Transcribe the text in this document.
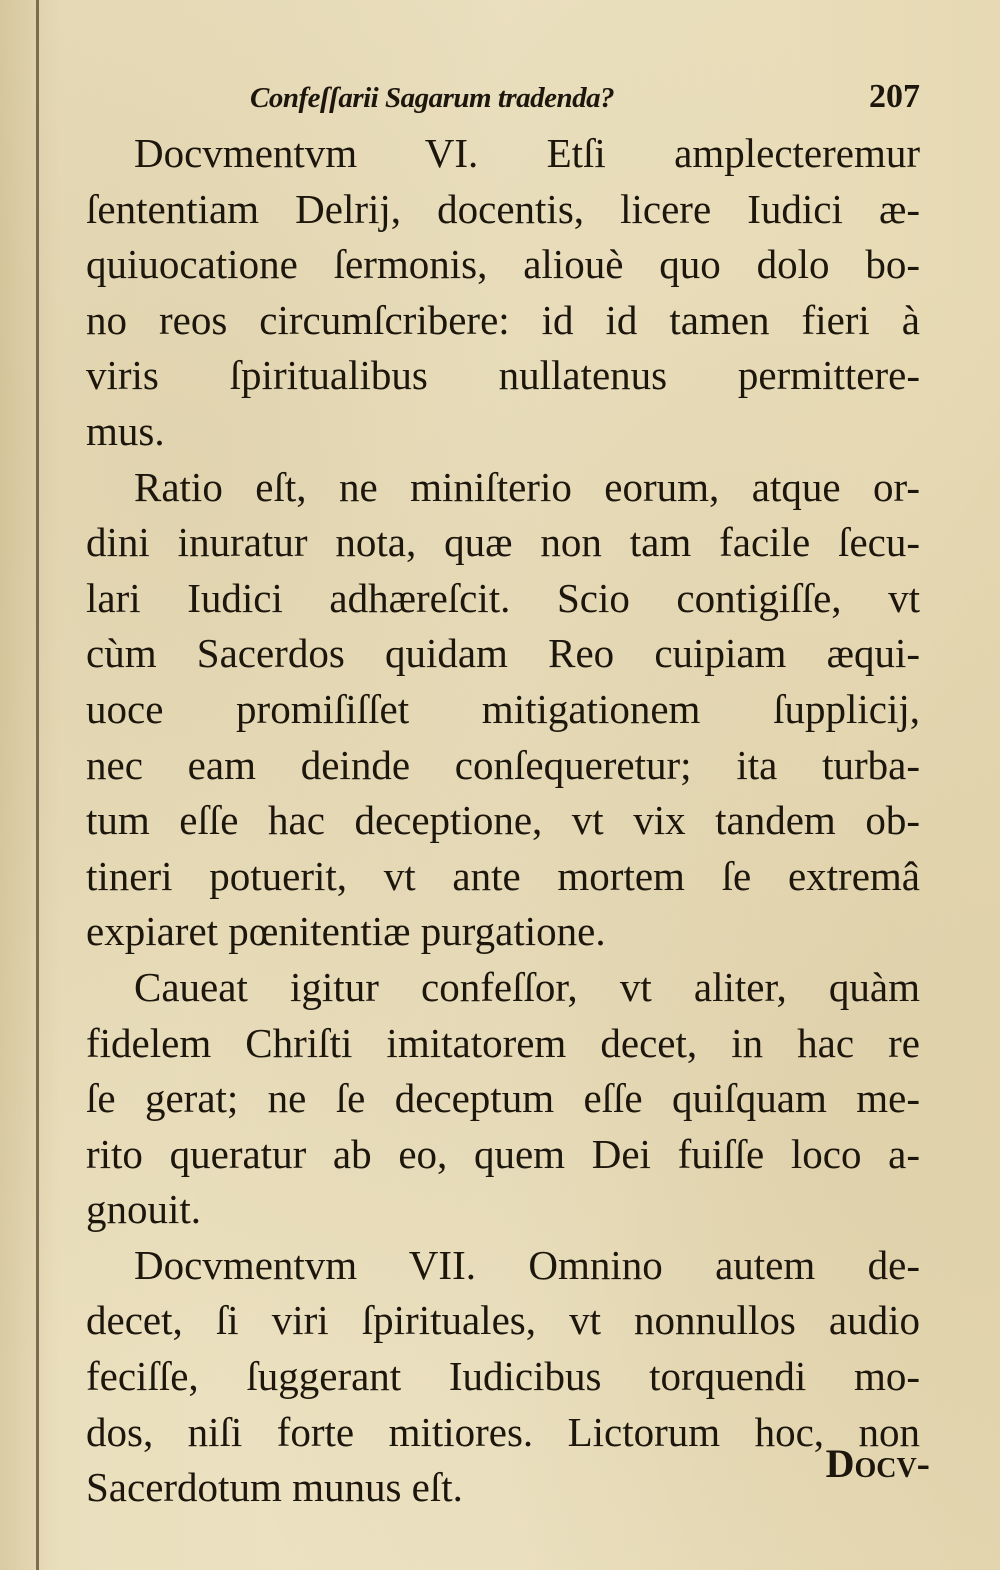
Confeſſarii Sagarum tradenda?	207
Docvmentvm VI. Etſi amplecteremur
ſententiam Delrij, docentis, licere Iudici æ-
quiuocatione ſermonis, aliouè quo dolo bo-
no reos circumſcribere: id id tamen fieri à
viris ſpiritualibus nullatenus permittere-
mus.
Ratio eſt, ne miniſterio eorum, atque or-
dini inuratur nota, quæ non tam facile ſecu-
lari Iudici adhæreſcit. Scio contigiſſe, vt
cùm Sacerdos quidam Reo cuipiam æqui-
uoce promiſiſſet mitigationem ſupplicij,
nec eam deinde conſequeretur; ita turba-
tum eſſe hac deceptione, vt vix tandem ob-
tineri potuerit, vt ante mortem ſe extremâ
expiaret pœnitentiæ purgatione.
Caueat igitur confeſſor, vt aliter, quàm
fidelem Chriſti imitatorem decet, in hac re
ſe gerat; ne ſe deceptum eſſe quiſquam me-
rito queratur ab eo, quem Dei fuiſſe loco a-
gnouit.
Docvmentvm VII. Omnino autem de-
decet, ſi viri ſpirituales, vt nonnullos audio
feciſſe, ſuggerant Iudicibus torquendi mo-
dos, niſi forte mitiores. Lictorum hoc, non
Sacerdotum munus eſt.
Docv-
